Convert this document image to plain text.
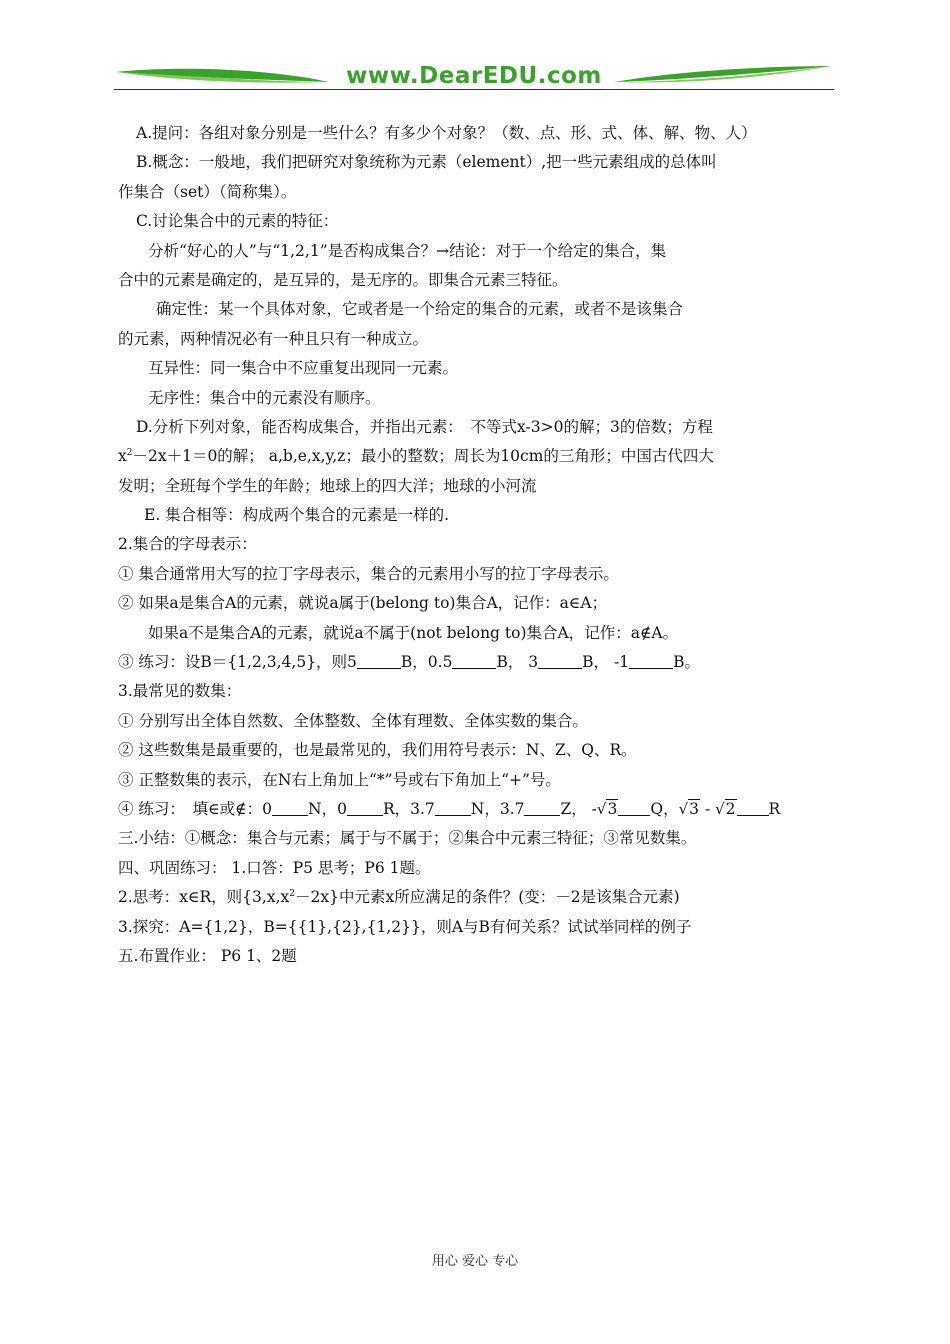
www.DearEDU.com
A.提问：各组对象分别是一些什么？有多少个对象？（数、点、形、式、体、解、物、人）
B.概念：一般地，我们把研究对象统称为元素（element）,把一些元素组成的总体叫
作集合（set）（简称集）。
C.讨论集合中的元素的特征：
分析“好心的人”与“1,2,1”是否构成集合？→结论：对于一个给定的集合，集
合中的元素是确定的，是互异的，是无序的。即集合元素三特征。
确定性：某一个具体对象，它或者是一个给定的集合的元素，或者不是该集合
的元素，两种情况必有一种且只有一种成立。
互异性：同一集合中不应重复出现同一元素。
无序性：集合中的元素没有顺序。
D.分析下列对象，能否构成集合，并指出元素：　不等式x-3>0的解；3的倍数；方程
$x^2-2x+1=0$的解； a,b,e,x,y,z；最小的整数；周长为10cm的三角形；中国古代四大
发明；全班每个学生的年龄；地球上的四大洋；地球的小河流
E. 集合相等：构成两个集合的元素是一样的.
2.集合的字母表示：
① 集合通常用大写的拉丁字母表示，集合的元素用小写的拉丁字母表示。
② 如果a是集合A的元素，就说a属于(belong to)集合A，记作：a∈A；
如果a不是集合A的元素，就说a不属于(not belong to)集合A，记作：a∉A。
③ 练习：设B＝{1,2,3,4,5}，则5	B，0.5	B， 3	B， -1	B。
3.最常见的数集：
① 分别写出全体自然数、全体整数、全体有理数、全体实数的集合。
② 这些数集是最重要的，也是最常见的，我们用符号表示：N、Z、Q、R。
③ 正整数集的表示，在N右上角加上“*”号或右下角加上“+”号。
④ 练习：　填∈或∉：0 N，0 R，3.7 N，3.7 Z， -√3 Q，√3 - √2 R
三.小结：①概念：集合与元素；属于与不属于；②集合中元素三特征；③常见数集。
四、巩固练习： 1.口答：P5 思考；P6 1题。
2.思考：x∈R，则$\{3,x,x^2-2x\}$中元素x所应满足的条件？(变：－2是该集合元素)
3.探究：A={1,2}，B={{1},{2},{1,2}}，则A与B有何关系？试试举同样的例子
五.布置作业： P6 1、2题
用心 爱心 专心
